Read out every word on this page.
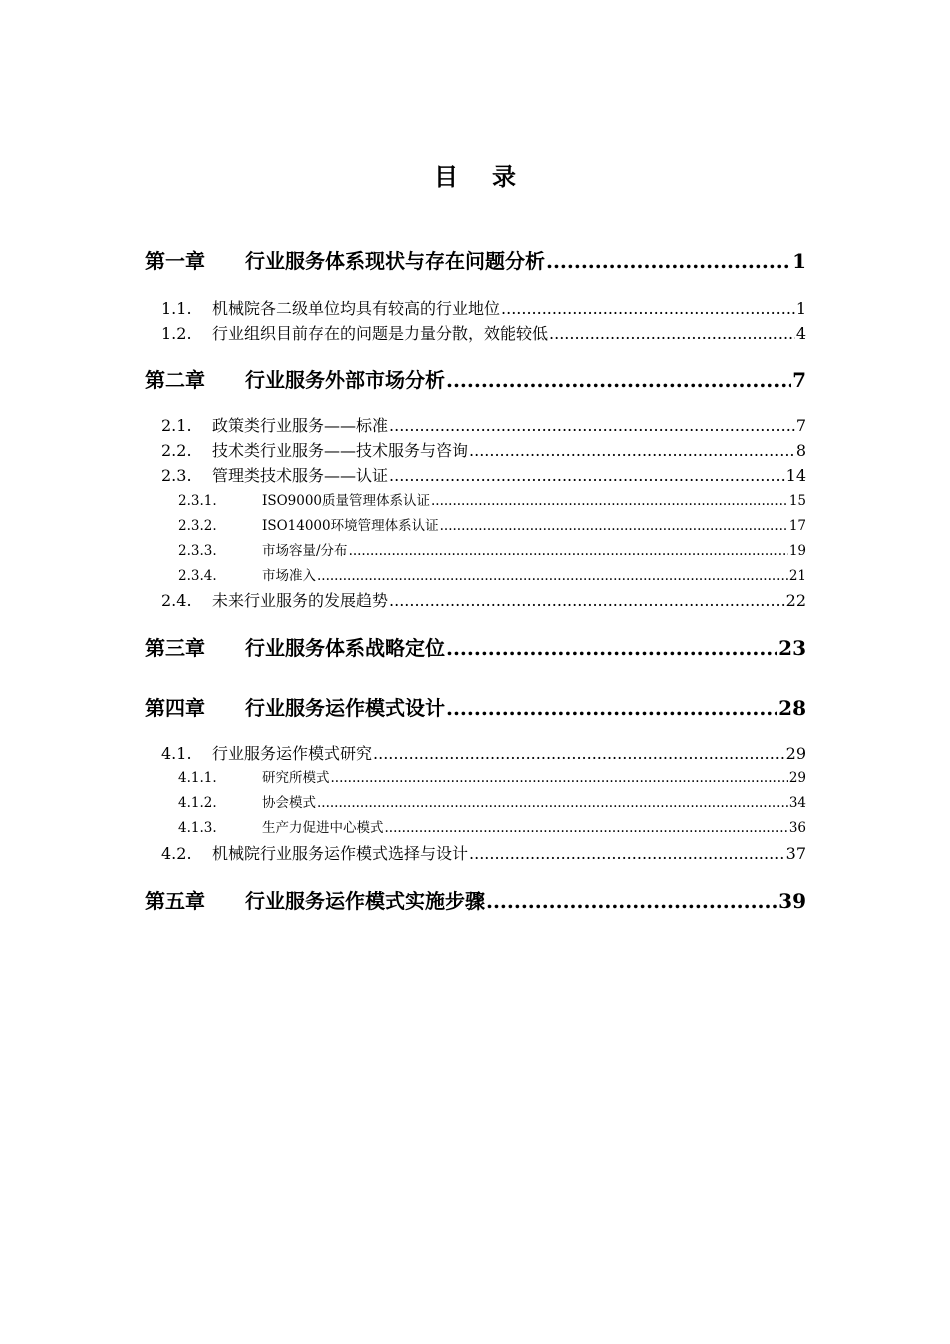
目 录
第一章	行业服务体系现状与存在问题分析 .....	1
1.1.	机械院各二级单位均具有较高的行业地位 .....	1
1.2.	行业组织目前存在的问题是力量分散，效能较低 .....	4
第二章	行业服务外部市场分析 .....	7
2.1.	政策类行业服务——标准 .....	7
2.2.	技术类行业服务——技术服务与咨询 .....	8
2.3.	管理类技术服务——认证 .....	14
2.3.1.	ISO9000质量管理体系认证 .....	15
2.3.2.	ISO14000环境管理体系认证 .....	17
2.3.3.	市场容量/分布 .....	19
2.3.4.	市场准入 .....	21
2.4.	未来行业服务的发展趋势 .....	22
第三章	行业服务体系战略定位 .....	23
第四章	行业服务运作模式设计 .....	28
4.1.	行业服务运作模式研究 .....	29
4.1.1.	研究所模式 .....	29
4.1.2.	协会模式 .....	34
4.1.3.	生产力促进中心模式 .....	36
4.2.	机械院行业服务运作模式选择与设计 .....	37
第五章	行业服务运作模式实施步骤 .....	39
